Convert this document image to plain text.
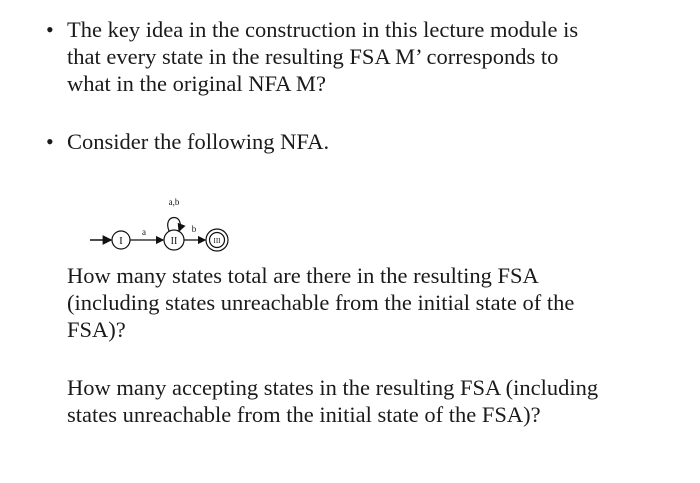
• The key idea in the construction in this lecture module is
that every state in the resulting FSA M’ corresponds to
what in the original NFA M?

• Consider the following NFA.

I
a
II
a,b
b
III

How many states total are there in the resulting FSA
(including states unreachable from the initial state of the
FSA)?

How many accepting states in the resulting FSA (including
states unreachable from the initial state of the FSA)?
